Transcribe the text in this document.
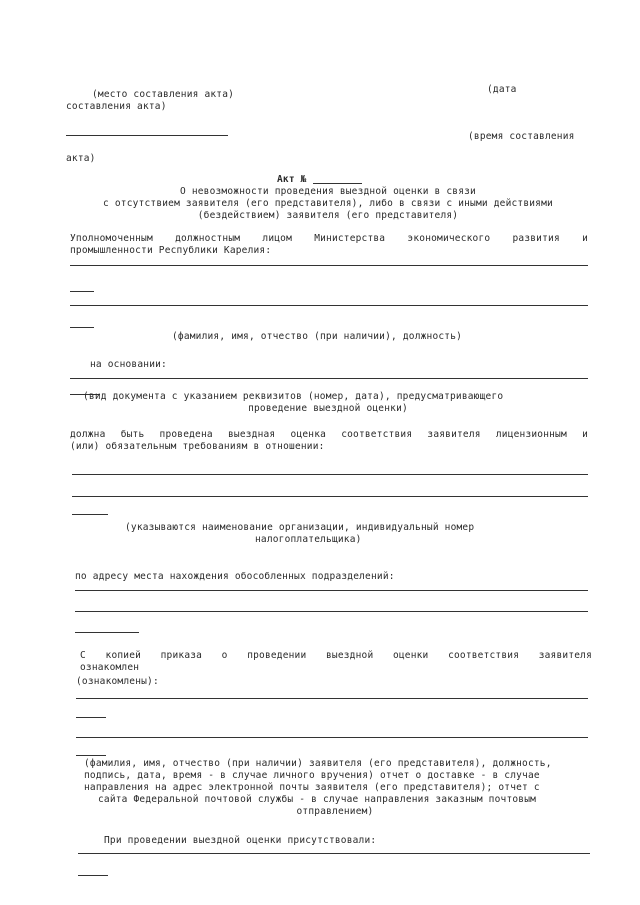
(место составления акта)	(дата
составления акта)
(время составления
акта)
Акт №
О невозможности проведения выездной оценки в связи
с отсутствием заявителя (его представителя), либо в связи с иными действиями
(бездействием) заявителя (его представителя)
Уполномоченным должностным лицом Министерства экономического развития и
промышленности Республики Карелия:
(фамилия, имя, отчество (при наличии), должность)
на основании:
(вид документа с указанием реквизитов (номер, дата), предусматривающего
проведение выездной оценки)
должна быть проведена выездная оценка соответствия заявителя лицензионным и
(или) обязательным требованиям в отношении:
(указываются наименование организации, индивидуальный номер
налогоплательщика)
по адресу места нахождения обособленных подразделений:
С копией приказа о проведении выездной оценки соответствия заявителя
ознакомлен
(ознакомлены):
(фамилия, имя, отчество (при наличии) заявителя (его представителя), должность,
подпись, дата, время - в случае личного вручения) отчет о доставке - в случае
направления на адрес электронной почты заявителя (его представителя); отчет с
сайта Федеральной почтовой службы - в случае направления заказным почтовым
отправлением)
При проведении выездной оценки присутствовали:
